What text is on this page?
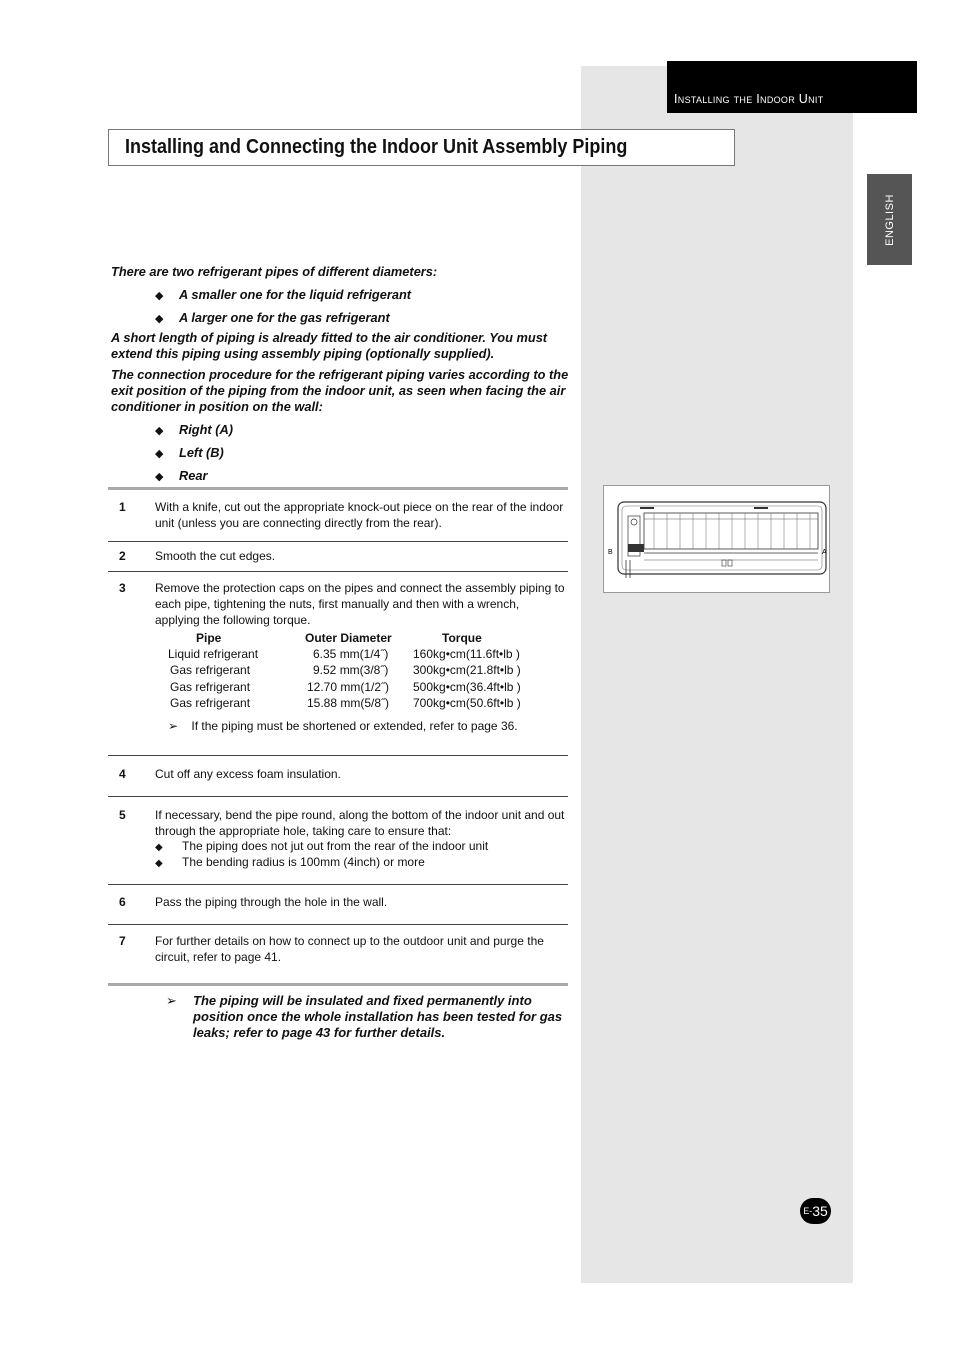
Installing the Indoor Unit
ENGLISH
Installing and Connecting the Indoor Unit Assembly Piping
There are two refrigerant pipes of different diameters:
◆ A smaller one for the liquid refrigerant
◆ A larger one for the gas refrigerant
A short length of piping is already fitted to the air conditioner. You must extend this piping using assembly piping (optionally supplied).
The connection procedure for the refrigerant piping varies according to the exit position of the piping from the indoor unit, as seen when facing the air conditioner in position on the wall:
◆ Right (A)
◆ Left (B)
◆ Rear
1 With a knife, cut out the appropriate knock-out piece on the rear of the indoor unit (unless you are connecting directly from the rear).
2 Smooth the cut edges.
3 Remove the protection caps on the pipes and connect the assembly piping to each pipe, tightening the nuts, first manually and then with a wrench, applying the following torque.
Pipe	Outer Diameter	Torque
Liquid refrigerant	6.35 mm(1/4˝) 160kg•cm(11.6ft•lb )
Gas refrigerant	9.52 mm(3/8˝) 300kg•cm(21.8ft•lb )
Gas refrigerant	12.70 mm(1/2˝) 500kg•cm(36.4ft•lb )
Gas refrigerant	15.88 mm(5/8˝) 700kg•cm(50.6ft•lb )
➢ If the piping must be shortened or extended, refer to page 36.
4 Cut off any excess foam insulation.
5 If necessary, bend the pipe round, along the bottom of the indoor unit and out through the appropriate hole, taking care to ensure that:
◆ The piping does not jut out from the rear of the indoor unit
◆ The bending radius is 100mm (4inch) or more
6 Pass the piping through the hole in the wall.
7 For further details on how to connect up to the outdoor unit and purge the circuit, refer to page 41.
➢ The piping will be insulated and fixed permanently into position once the whole installation has been tested for gas leaks; refer to page 43 for further details.
B	A
E- 35
